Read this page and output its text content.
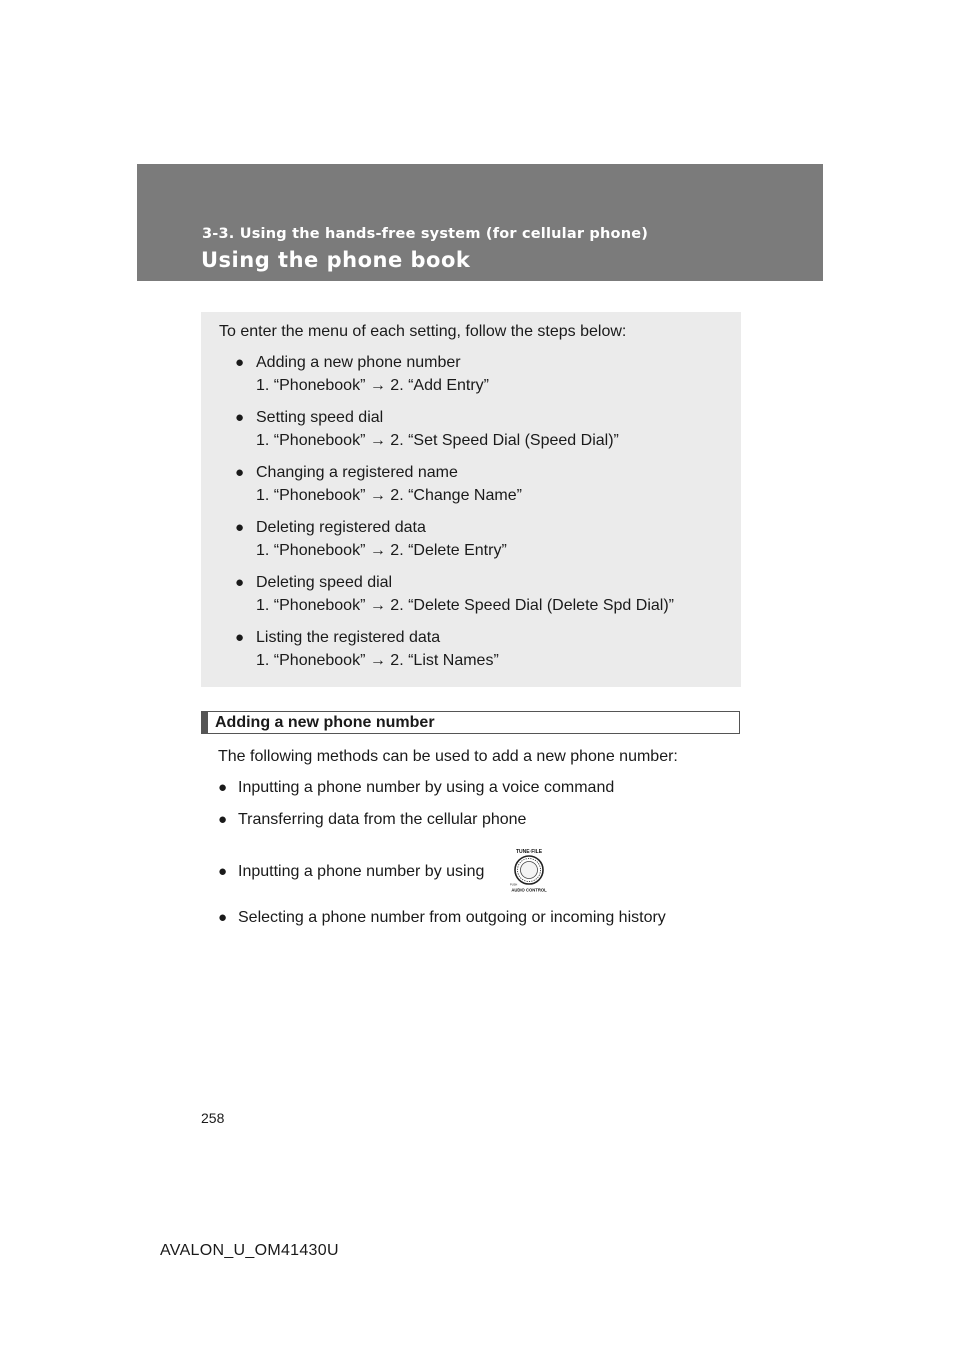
3-3. Using the hands-free system (for cellular phone)
Using the phone book
To enter the menu of each setting, follow the steps below:
● Adding a new phone number
1. “Phonebook” → 2. “Add Entry”
● Setting speed dial
1. “Phonebook” → 2. “Set Speed Dial (Speed Dial)”
● Changing a registered name
1. “Phonebook” → 2. “Change Name”
● Deleting registered data
1. “Phonebook” → 2. “Delete Entry”
● Deleting speed dial
1. “Phonebook” → 2. “Delete Speed Dial (Delete Spd Dial)”
● Listing the registered data
1. “Phonebook” → 2. “List Names”
Adding a new phone number
The following methods can be used to add a new phone number:
● Inputting a phone number by using a voice command
● Transferring data from the cellular phone
● Inputting a phone number by using
● Selecting a phone number from outgoing or incoming history
TUNE·FILE
PUSH
AUDIO CONTROL
258
AVALON_U_OM41430U
